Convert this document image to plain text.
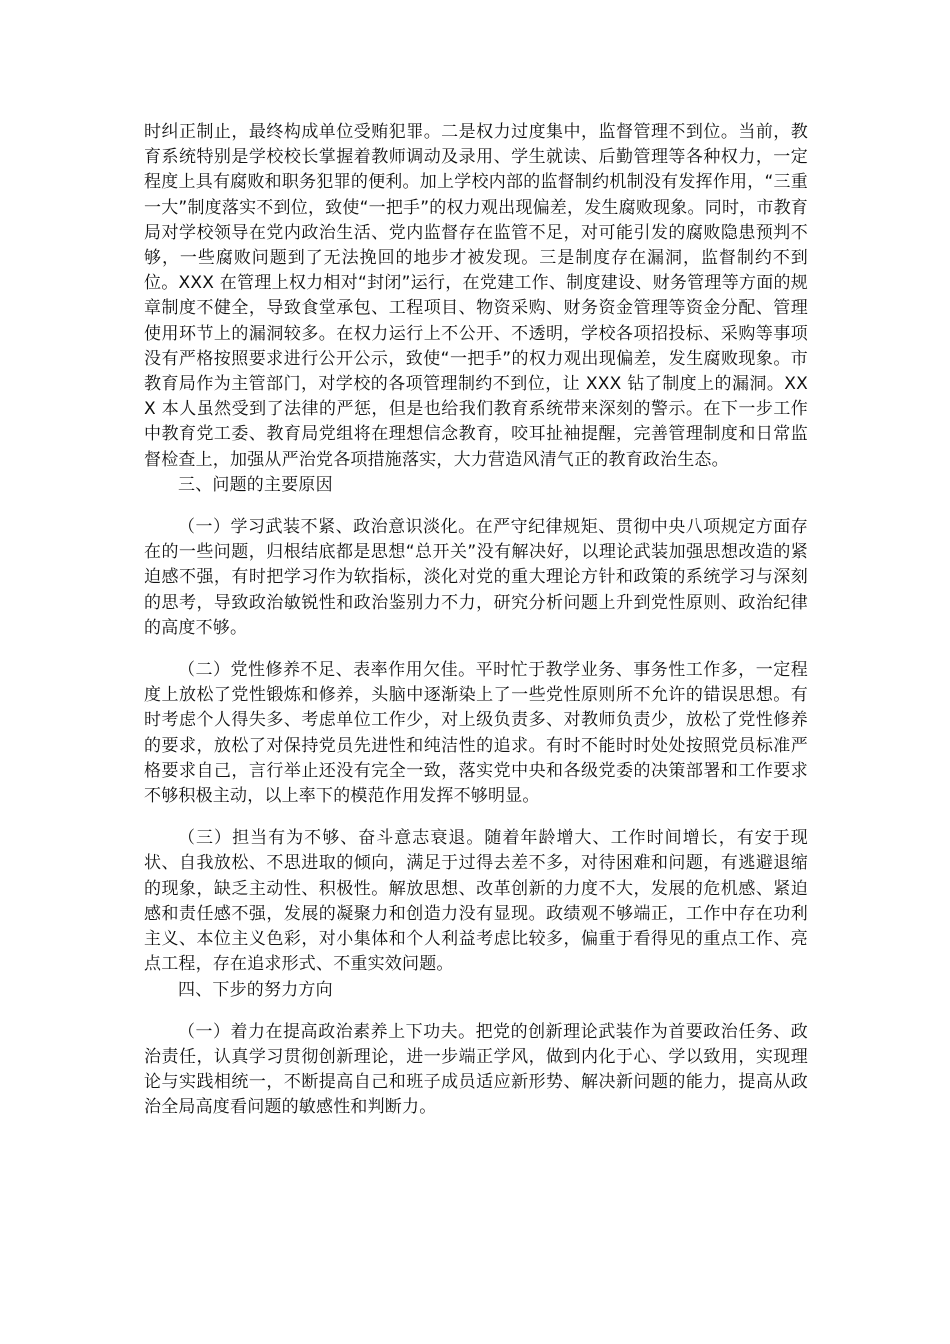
时纠正制止，最终构成单位受贿犯罪。二是权力过度集中，监督管理不到位。当前，教育系统特别是学校校长掌握着教师调动及录用、学生就读、后勤管理等各种权力，一定程度上具有腐败和职务犯罪的便利。加上学校内部的监督制约机制没有发挥作用，“三重一大”制度落实不到位，致使“一把手”的权力观出现偏差，发生腐败现象。同时，市教育局对学校领导在党内政治生活、党内监督存在监管不足，对可能引发的腐败隐患预判不够，一些腐败问题到了无法挽回的地步才被发现。三是制度存在漏洞，监督制约不到位。XXX 在管理上权力相对“封闭”运行，在党建工作、制度建设、财务管理等方面的规章制度不健全，导致食堂承包、工程项目、物资采购、财务资金管理等资金分配、管理使用环节上的漏洞较多。在权力运行上不公开、不透明，学校各项招投标、采购等事项没有严格按照要求进行公开公示，致使“一把手”的权力观出现偏差，发生腐败现象。市教育局作为主管部门，对学校的各项管理制约不到位，让 XXX 钻了制度上的漏洞。XXX 本人虽然受到了法律的严惩，但是也给我们教育系统带来深刻的警示。在下一步工作中教育党工委、教育局党组将在理想信念教育，咬耳扯袖提醒，完善管理制度和日常监督检查上，加强从严治党各项措施落实，大力营造风清气正的教育政治生态。

三、问题的主要原因

（一）学习武装不紧、政治意识淡化。在严守纪律规矩、贯彻中央八项规定方面存在的一些问题，归根结底都是思想“总开关”没有解决好，以理论武装加强思想改造的紧迫感不强，有时把学习作为软指标，淡化对党的重大理论方针和政策的系统学习与深刻的思考，导致政治敏锐性和政治鉴别力不力，研究分析问题上升到党性原则、政治纪律的高度不够。

（二）党性修养不足、表率作用欠佳。平时忙于教学业务、事务性工作多，一定程度上放松了党性锻炼和修养，头脑中逐渐染上了一些党性原则所不允许的错误思想。有时考虑个人得失多、考虑单位工作少，对上级负责多、对教师负责少，放松了党性修养的要求，放松了对保持党员先进性和纯洁性的追求。有时不能时时处处按照党员标准严格要求自己，言行举止还没有完全一致，落实党中央和各级党委的决策部署和工作要求不够积极主动，以上率下的模范作用发挥不够明显。

（三）担当有为不够、奋斗意志衰退。随着年龄增大、工作时间增长，有安于现状、自我放松、不思进取的倾向，满足于过得去差不多，对待困难和问题，有逃避退缩的现象，缺乏主动性、积极性。解放思想、改革创新的力度不大，发展的危机感、紧迫感和责任感不强，发展的凝聚力和创造力没有显现。政绩观不够端正，工作中存在功利主义、本位主义色彩，对小集体和个人利益考虑比较多，偏重于看得见的重点工作、亮点工程，存在追求形式、不重实效问题。

四、下步的努力方向

（一）着力在提高政治素养上下功夫。把党的创新理论武装作为首要政治任务、政治责任，认真学习贯彻创新理论，进一步端正学风，做到内化于心、学以致用，实现理论与实践相统一，不断提高自己和班子成员适应新形势、解决新问题的能力，提高从政治全局高度看问题的敏感性和判断力。
